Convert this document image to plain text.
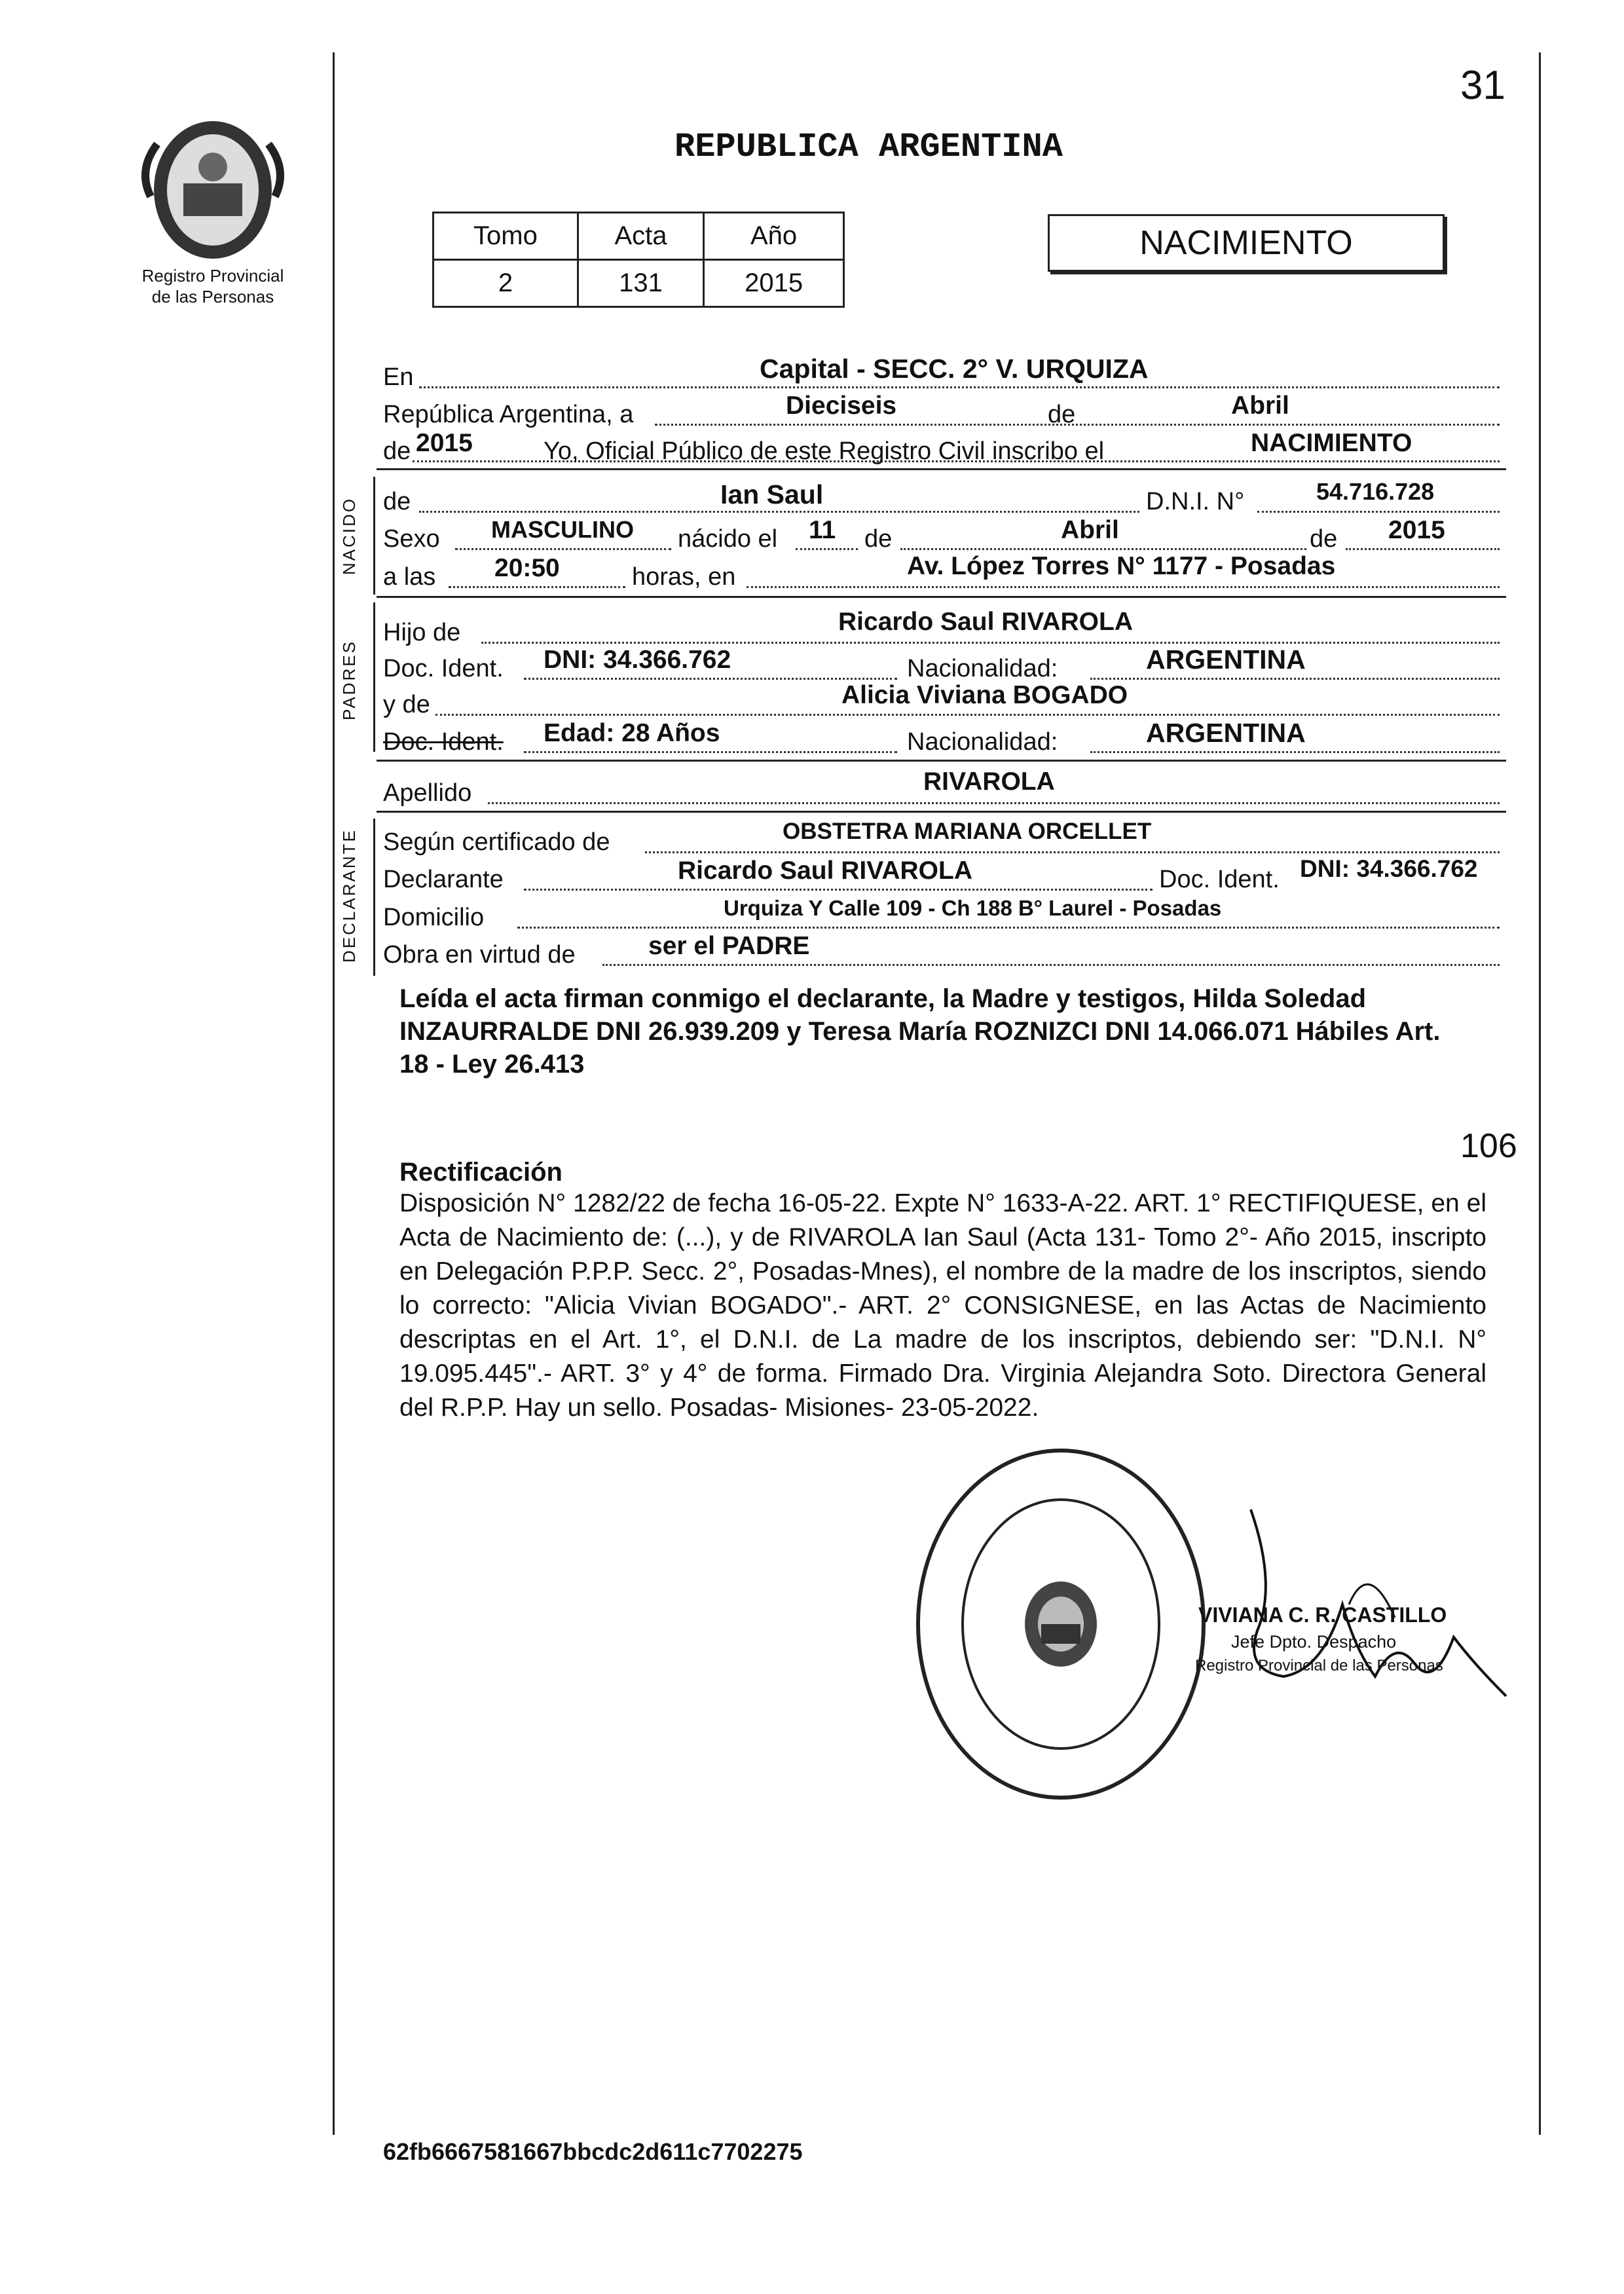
Registro Provincial
de las Personas
31
REPUBLICA ARGENTINA
Tomo	Acta	Año
2	131	2015
NACIMIENTO
En	Capital - SECC. 2° V. URQUIZA
República Argentina, a	Dieciseis	de	Abril
de 2015	Yo, Oficial Público de este Registro Civil inscribo el	NACIMIENTO
NACIDO de	Ian Saul	D.N.I. N°	54.716.728
Sexo MASCULINO nácido el 11 de	Abril	de 2015
a las 20:50	horas, en	Av. López Torres N° 1177 - Posadas
PADRES
Hijo de	Ricardo Saul RIVAROLA
Doc. Ident. DNI: 34.366.762	Nacionalidad:	ARGENTINA
y de	Alicia Viviana BOGADO
Doc. Ident. Edad: 28 Años	Nacionalidad:	ARGENTINA
Apellido	RIVAROLA
DECLARANTE Según certificado de	OBSTETRA MARIANA ORCELLET
Declarante	Ricardo Saul RIVAROLA	Doc. Ident. DNI: 34.366.762
Domicilio	Urquiza Y Calle 109 - Ch 188 B° Laurel - Posadas
Obra en virtud de	ser el PADRE
Leída el acta firman conmigo el declarante, la Madre y testigos, Hilda Soledad INZAURRALDE DNI 26.939.209 y Teresa María ROZNIZCI DNI 14.066.071 Hábiles Art. 18 - Ley 26.413
106
Rectificación
Disposición N° 1282/22 de fecha 16-05-22. Expte N° 1633-A-22. ART. 1° RECTIFIQUESE, en el Acta de Nacimiento de: (...), y de RIVAROLA Ian Saul (Acta 131- Tomo 2°- Año 2015, inscripto en Delegación P.P.P. Secc. 2°, Posadas-Mnes), el nombre de la madre de los inscriptos, siendo lo correcto: "Alicia Vivian BOGADO".- ART. 2° CONSIGNESE, en las Actas de Nacimiento descriptas en el Art. 1°, el D.N.I. de La madre de los inscriptos, debiendo ser: "D.N.I. N° 19.095.445".- ART. 3° y 4° de forma. Firmado Dra. Virginia Alejandra Soto. Directora General del R.P.P. Hay un sello. Posadas- Misiones- 23-05-2022.
VIVIANA C. R. CASTILLO
Jefe Dpto. Despacho
Registro Provincial de las Personas
62fb6667581667bbcdc2d611c7702275
